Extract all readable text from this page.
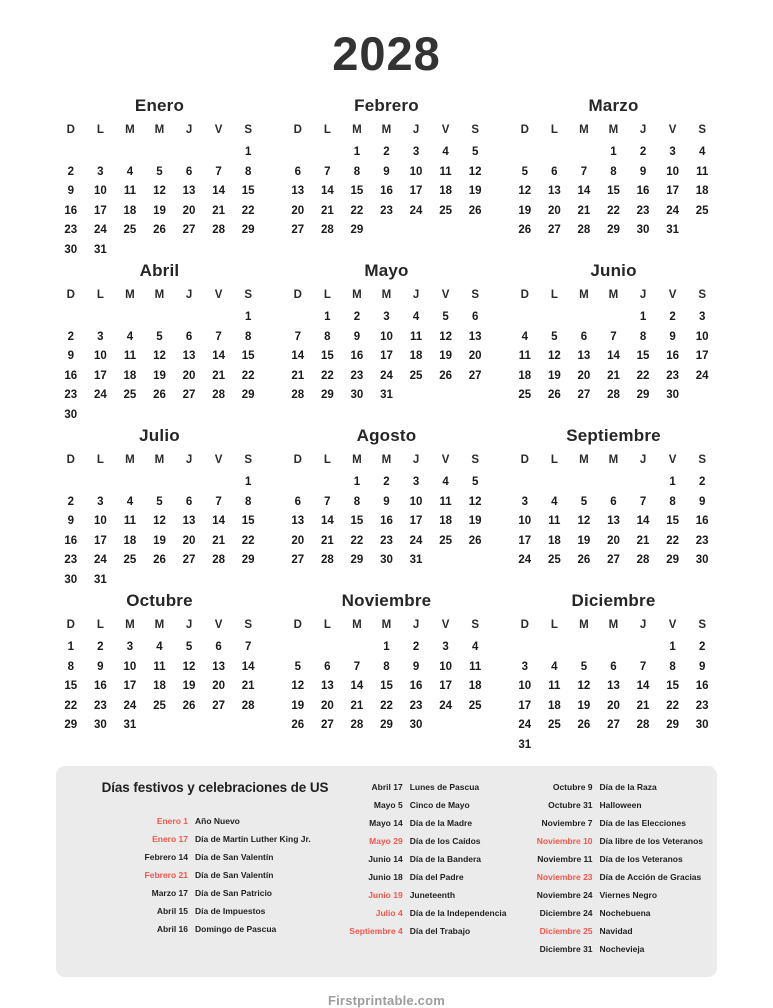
2028
Enero
D	L	M	M	J	V	S
						1
2	3	4	5	6	7	8
9	10	11	12	13	14	15
16	17	18	19	20	21	22
23	24	25	26	27	28	29
30	31					
Febrero
D	L	M	M	J	V	S
		1	2	3	4	5
6	7	8	9	10	11	12
13	14	15	16	17	18	19
20	21	22	23	24	25	26
27	28	29				
Marzo
D	L	M	M	J	V	S
			1	2	3	4
5	6	7	8	9	10	11
12	13	14	15	16	17	18
19	20	21	22	23	24	25
26	27	28	29	30	31	
Abril
D	L	M	M	J	V	S
						1
2	3	4	5	6	7	8
9	10	11	12	13	14	15
16	17	18	19	20	21	22
23	24	25	26	27	28	29
30						
Mayo
D	L	M	M	J	V	S
	1	2	3	4	5	6
7	8	9	10	11	12	13
14	15	16	17	18	19	20
21	22	23	24	25	26	27
28	29	30	31			
Junio
D	L	M	M	J	V	S
				1	2	3
4	5	6	7	8	9	10
11	12	13	14	15	16	17
18	19	20	21	22	23	24
25	26	27	28	29	30	
Julio
D	L	M	M	J	V	S
						1
2	3	4	5	6	7	8
9	10	11	12	13	14	15
16	17	18	19	20	21	22
23	24	25	26	27	28	29
30	31					
Agosto
D	L	M	M	J	V	S
		1	2	3	4	5
6	7	8	9	10	11	12
13	14	15	16	17	18	19
20	21	22	23	24	25	26
27	28	29	30	31		
Septiembre
D	L	M	M	J	V	S
					1	2
3	4	5	6	7	8	9
10	11	12	13	14	15	16
17	18	19	20	21	22	23
24	25	26	27	28	29	30
Octubre
D	L	M	M	J	V	S
1	2	3	4	5	6	7
8	9	10	11	12	13	14
15	16	17	18	19	20	21
22	23	24	25	26	27	28
29	30	31				
Noviembre
D	L	M	M	J	V	S
			1	2	3	4
5	6	7	8	9	10	11
12	13	14	15	16	17	18
19	20	21	22	23	24	25
26	27	28	29	30		
Diciembre
D	L	M	M	J	V	S
					1	2
3	4	5	6	7	8	9
10	11	12	13	14	15	16
17	18	19	20	21	22	23
24	25	26	27	28	29	30
31						
Días festivos y celebraciones de US
Enero 1 Año Nuevo
Enero 17 Día de Martin Luther King Jr.
Febrero 14 Día de San Valentín
Febrero 21 Día de San Valentín
Marzo 17 Día de San Patricio
Abril 15 Día de Impuestos
Abril 16 Domingo de Pascua
Abril 17 Lunes de Pascua
Mayo 5 Cinco de Mayo
Mayo 14 Día de la Madre
Mayo 29 Día de los Caídos
Junio 14 Día de la Bandera
Junio 18 Día del Padre
Junio 19 Juneteenth
Julio 4 Día de la Independencia
Septiembre 4 Día del Trabajo
Octubre 9 Día de la Raza
Octubre 31 Halloween
Noviembre 7 Día de las Elecciones
Noviembre 10 Día libre de los Veteranos
Noviembre 11 Día de los Veteranos
Noviembre 23 Día de Acción de Gracias
Noviembre 24 Viernes Negro
Diciembre 24 Nochebuena
Diciembre 25 Navidad
Diciembre 31 Nochevieja
Firstprintable.com
